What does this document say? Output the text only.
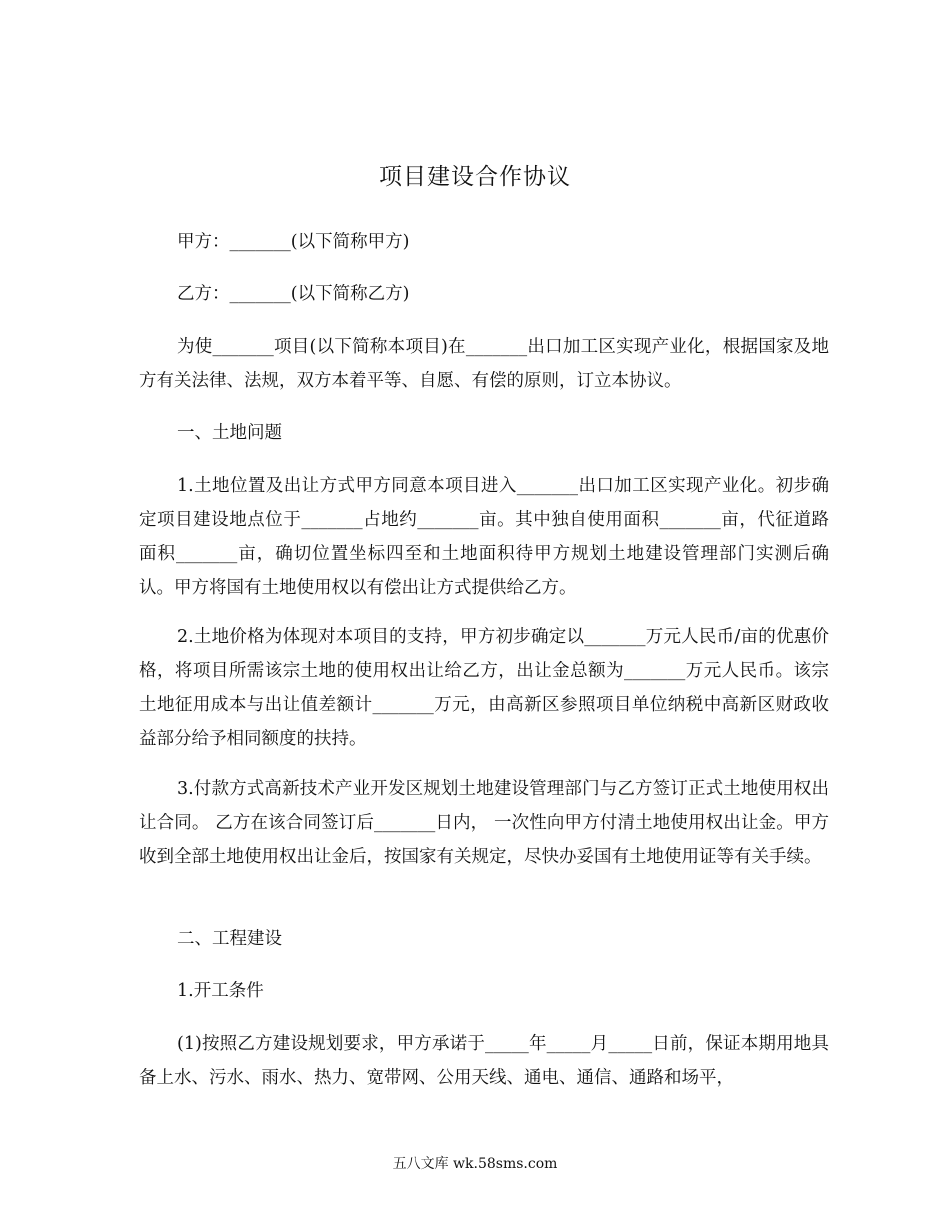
项目建设合作协议

甲方：_______(以下简称甲方)

乙方：_______(以下简称乙方)

为使_______项目(以下简称本项目)在_______出口加工区实现产业化，根据国家及地方有关法律、法规，双方本着平等、自愿、有偿的原则，订立本协议。

一、土地问题

1.土地位置及出让方式甲方同意本项目进入_______出口加工区实现产业化。初步确定项目建设地点位于_______占地约_______亩。其中独自使用面积_______亩，代征道路面积_______亩，确切位置坐标四至和土地面积待甲方规划土地建设管理部门实测后确认。甲方将国有土地使用权以有偿出让方式提供给乙方。

2.土地价格为体现对本项目的支持，甲方初步确定以_______万元人民币/亩的优惠价格，将项目所需该宗土地的使用权出让给乙方，出让金总额为_______万元人民币。该宗土地征用成本与出让值差额计_______万元，由高新区参照项目单位纳税中高新区财政收益部分给予相同额度的扶持。

3.付款方式高新技术产业开发区规划土地建设管理部门与乙方签订正式土地使用权出让合同。 乙方在该合同签订后_______日内， 一次性向甲方付清土地使用权出让金。甲方收到全部土地使用权出让金后，按国家有关规定，尽快办妥国有土地使用证等有关手续。

二、工程建设

1.开工条件

(1)按照乙方建设规划要求，甲方承诺于_____年_____月_____日前，保证本期用地具备上水、污水、雨水、热力、宽带网、公用天线、通电、通信、通路和场平，

五八文库 wk.58sms.com
